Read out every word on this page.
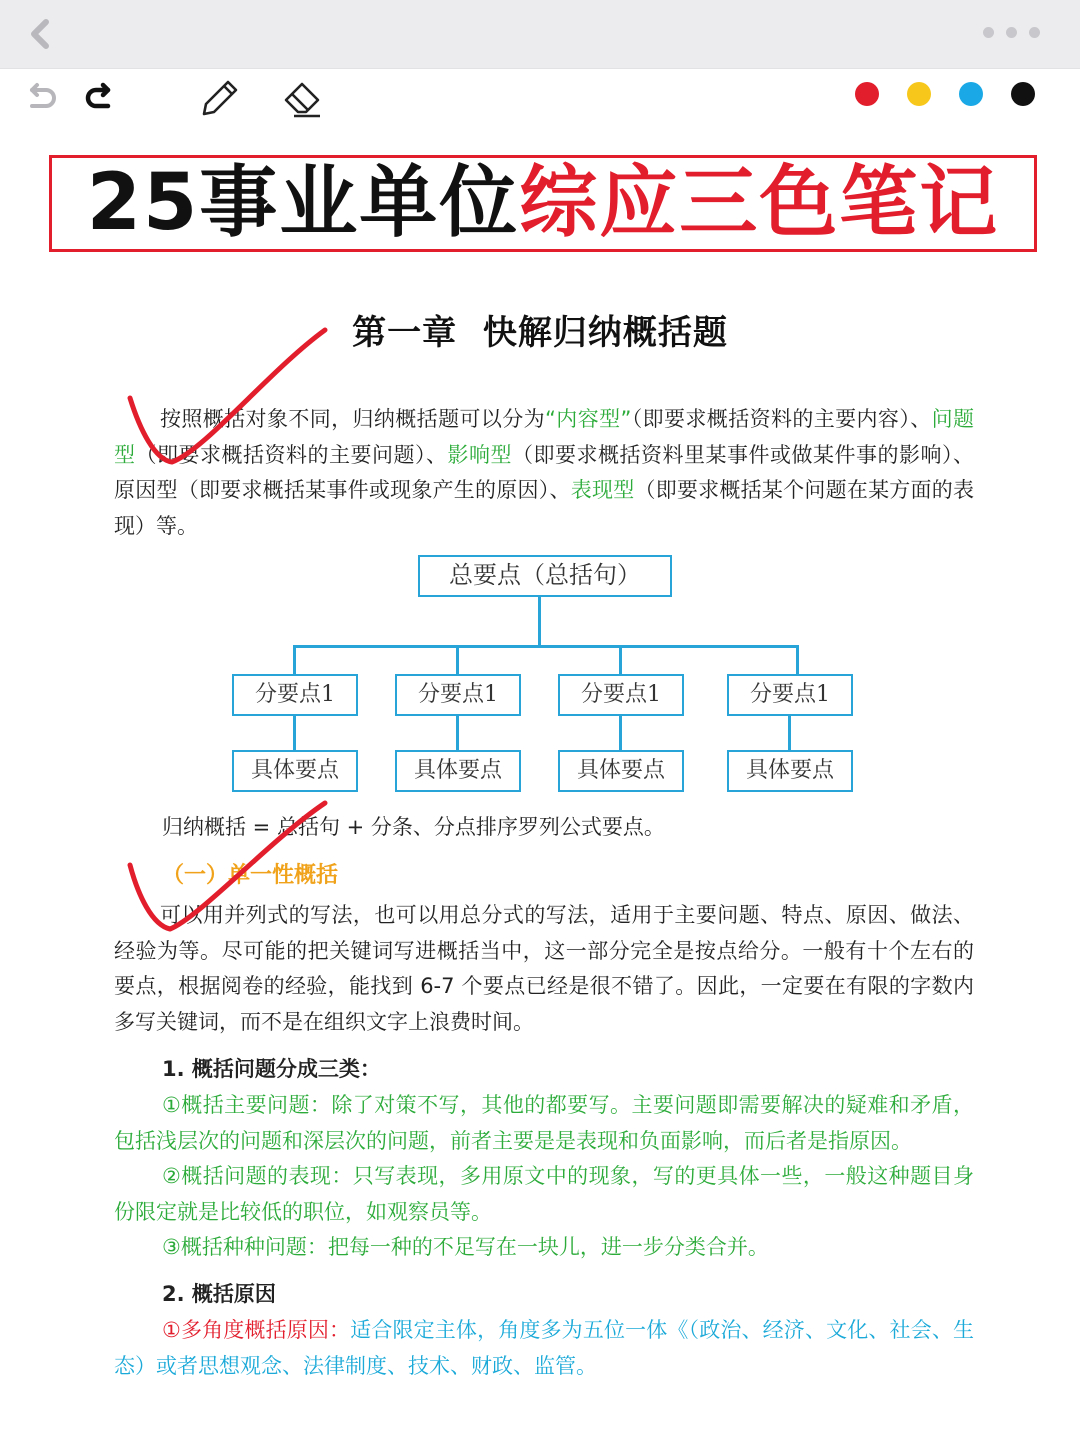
25事业单位综应三色笔记
第一章  快解归纳概括题
按照概括对象不同，归纳概括题可以分为“内容型”（即要求概括资料的主要内容）、问题型（即要求概括资料的主要问题）、影响型（即要求概括资料里某事件或做某件事的影响）、原因型（即要求概括某事件或现象产生的原因）、表现型（即要求概括某个问题在某方面的表现）等。
总要点（总括句）
分要点1	分要点1	分要点1	分要点1
具体要点	具体要点	具体要点	具体要点
归纳概括 = 总括句 + 分条、分点排序罗列公式要点。
（一）单一性概括
可以用并列式的写法，也可以用总分式的写法，适用于主要问题、特点、原因、做法、经验为等。尽可能的把关键词写进概括当中，这一部分完全是按点给分。一般有十个左右的要点，根据阅卷的经验，能找到 6-7 个要点已经是很不错了。因此，一定要在有限的字数内多写关键词，而不是在组织文字上浪费时间。
1. 概括问题分成三类：
①概括主要问题：除了对策不写，其他的都要写。主要问题即需要解决的疑难和矛盾，包括浅层次的问题和深层次的问题，前者主要是是表现和负面影响，而后者是指原因。
②概括问题的表现：只写表现，多用原文中的现象，写的更具体一些，一般这种题目身份限定就是比较低的职位，如观察员等。
③概括种种问题：把每一种的不足写在一块儿，进一步分类合并。
2. 概括原因
①多角度概括原因：适合限定主体，角度多为五位一体《（政治、经济、文化、社会、生态）或者思想观念、法律制度、技术、财政、监管。
